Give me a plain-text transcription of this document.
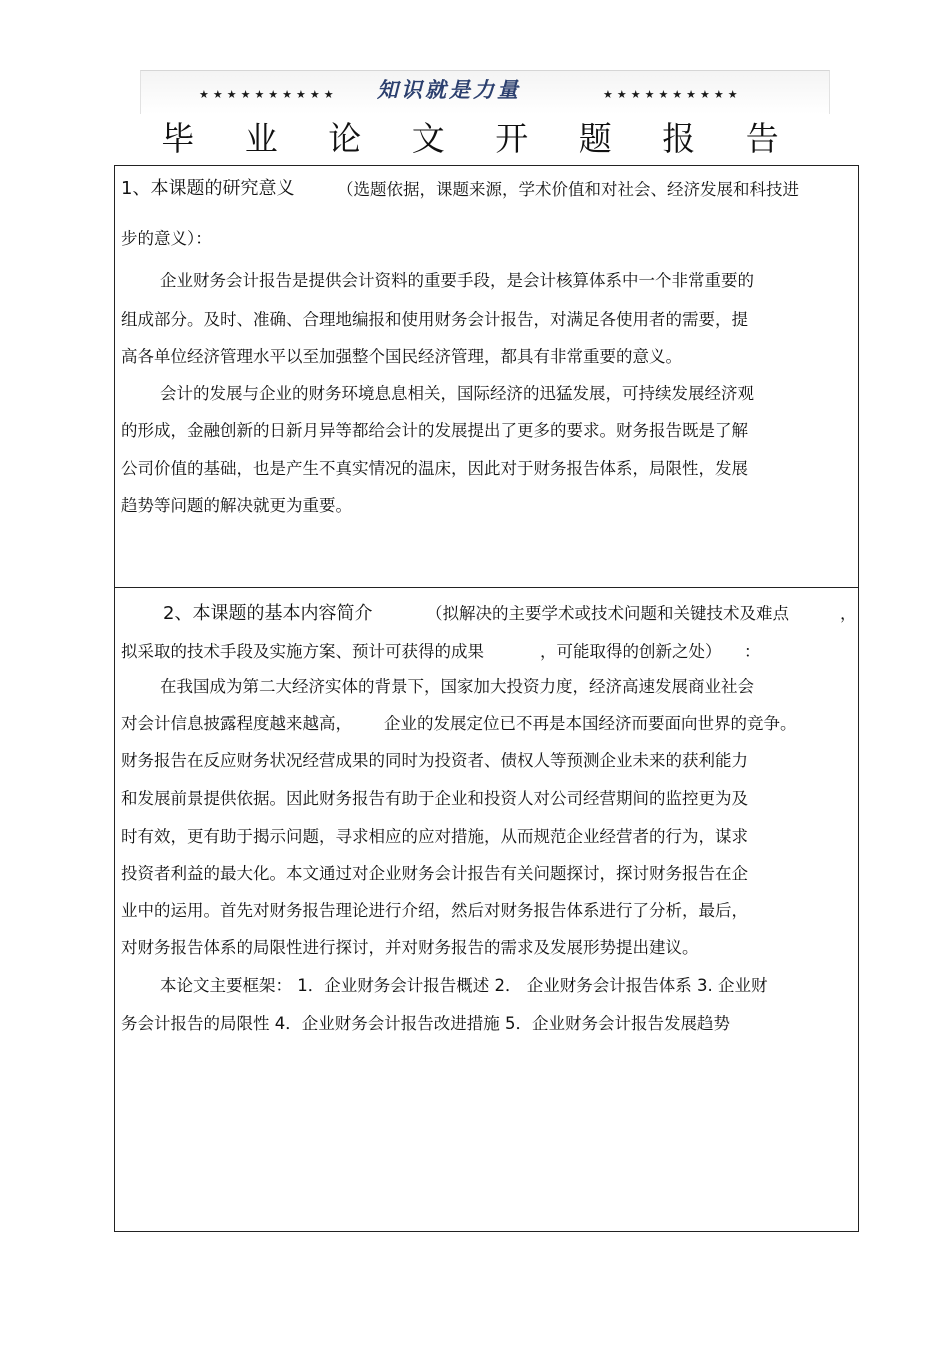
★★★★★★★★★★ 知识就是力量	★★★★★★★★★★
毕 业 论 文 开 题 报 告
1、本课题的研究意义	（选题依据，课题来源，学术价值和对社会、经济发展和科技进
步的意义）：
企业财务会计报告是提供会计资料的重要手段，是会计核算体系中一个非常重要的
组成部分。及时、准确、合理地编报和使用财务会计报告，对满足各使用者的需要，提
高各单位经济管理水平以至加强整个国民经济管理，都具有非常重要的意义。
会计的发展与企业的财务环境息息相关，国际经济的迅猛发展，可持续发展经济观
的形成，金融创新的日新月异等都给会计的发展提出了更多的要求。财务报告既是了解
公司价值的基础，也是产生不真实情况的温床，因此对于财务报告体系，局限性，发展
趋势等问题的解决就更为重要。
2、本课题的基本内容简介	（拟解决的主要学术或技术问题和关键技术及难点	，
拟采取的技术手段及实施方案、预计可获得的成果	，可能取得的创新之处） ：
在我国成为第二大经济实体的背景下，国家加大投资力度，经济高速发展商业社会
对会计信息披露程度越来越高， 企业的发展定位已不再是本国经济而要面向世界的竞争。
财务报告在反应财务状况经营成果的同时为投资者、债权人等预测企业未来的获利能力
和发展前景提供依据。因此财务报告有助于企业和投资人对公司经营期间的监控更为及
时有效，更有助于揭示问题，寻求相应的应对措施，从而规范企业经营者的行为，谋求
投资者利益的最大化。本文通过对企业财务会计报告有关问题探讨，探讨财务报告在企
业中的运用。首先对财务报告理论进行介绍，然后对财务报告体系进行了分析，最后，
对财务报告体系的局限性进行探讨，并对财务报告的需求及发展形势提出建议。
本论文主要框架： 1．企业财务会计报告概述 2． 企业财务会计报告体系 3. 企业财
务会计报告的局限性 4．企业财务会计报告改进措施 5．企业财务会计报告发展趋势
